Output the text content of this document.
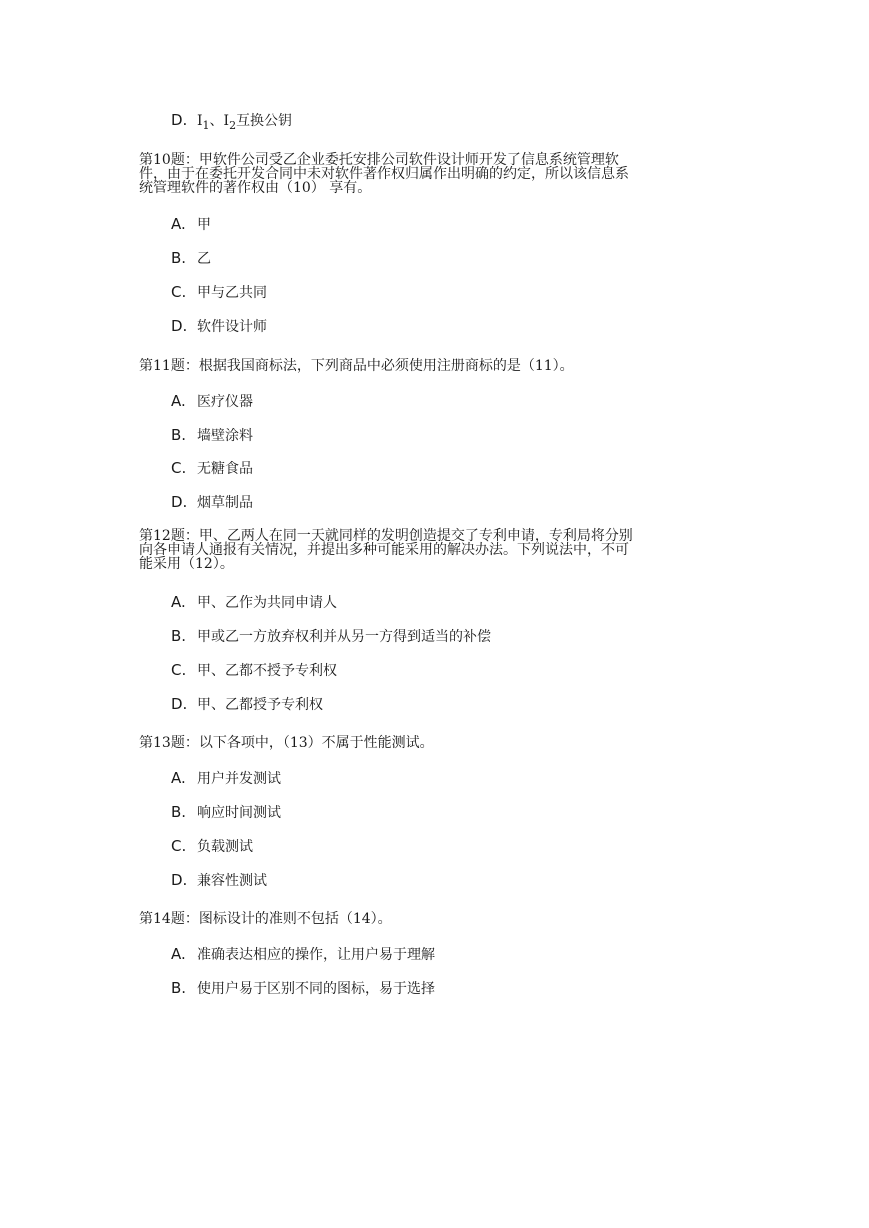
D. $I_1$、$I_2$互换公钥
第10题：甲软件公司受乙企业委托安排公司软件设计师开发了信息系统管理软
件，由于在委托开发合同中未对软件著作权归属作出明确的约定，所以该信息系
统管理软件的著作权由（10） 享有。
A. 甲
B. 乙
C. 甲与乙共同
D. 软件设计师
第11题：根据我国商标法，下列商品中必须使用注册商标的是（11）。
A. 医疗仪器
B. 墙壁涂料
C. 无糖食品
D. 烟草制品
第12题：甲、乙两人在同一天就同样的发明创造提交了专利申请，专利局将分别
向各申请人通报有关情况，并提出多种可能采用的解决办法。下列说法中，不可
能采用（12）。
A. 甲、乙作为共同申请人
B. 甲或乙一方放弃权利并从另一方得到适当的补偿
C. 甲、乙都不授予专利权
D. 甲、乙都授予专利权
第13题：以下各项中，（13）不属于性能测试。
A. 用户并发测试
B. 响应时间测试
C. 负载测试
D. 兼容性测试
第14题：图标设计的准则不包括（14）。
A. 准确表达相应的操作，让用户易于理解
B. 使用户易于区别不同的图标，易于选择
